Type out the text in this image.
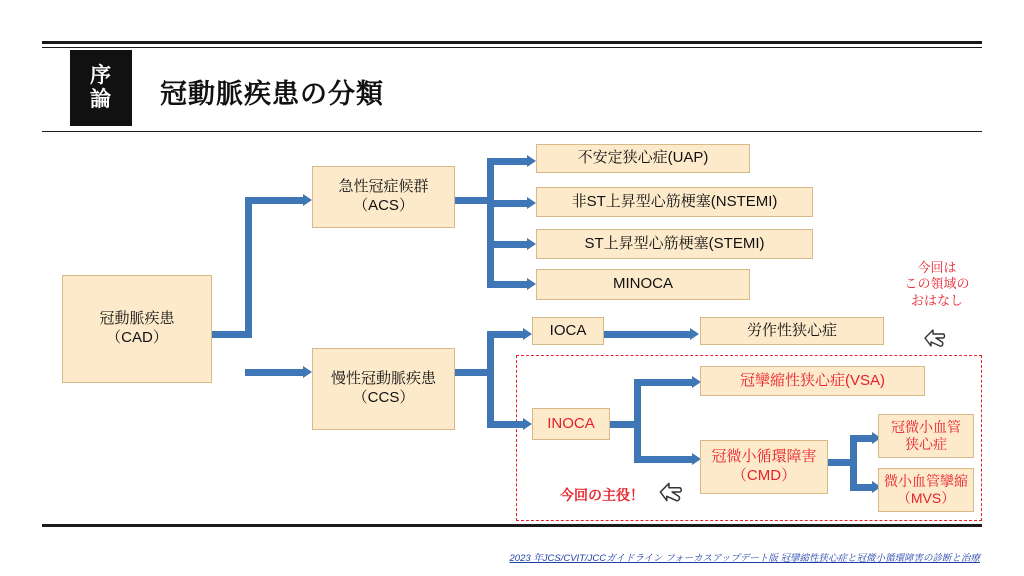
序
論 冠動脈疾患の分類
冠動脈疾患
（CAD）
急性冠症候群
（ACS）
慢性冠動脈疾患
（CCS）
不安定狭心症(UAP)
非ST上昇型心筋梗塞(NSTEMI)
ST上昇型心筋梗塞(STEMI)
MINOCA
IOCA	労作性狭心症
INOCA
冠攣縮性狭心症(VSA)
冠微小循環障害
（CMD）
冠微小血管
狭心症
微小血管攣縮
（MVS）
今回は
この領域の
おはなし
今回の主役！
2023 年JCS/CVIT/JCCガイドライン フォーカスアップデート版 冠攣縮性狭心症と冠微小循環障害の診断と治療
